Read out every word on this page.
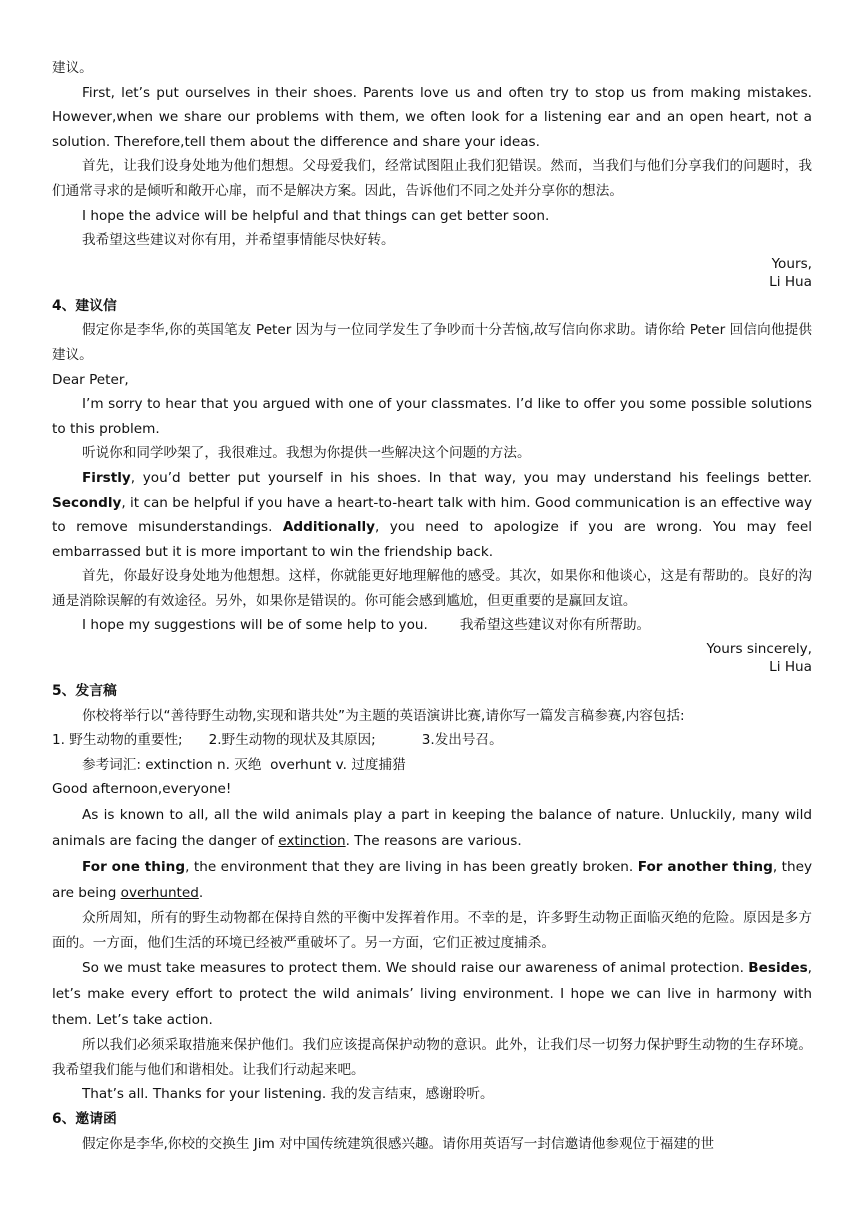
建议。

First, let’s put ourselves in their shoes. Parents love us and often try to stop us from making mistakes. However,when we share our problems with them, we often look for a listening ear and an open heart, not a solution. Therefore,tell them about the difference and share your ideas.

首先，让我们设身处地为他们想想。父母爱我们，经常试图阻止我们犯错误。然而，当我们与他们分享我们的问题时，我们通常寻求的是倾听和敞开心扉，而不是解决方案。因此，告诉他们不同之处并分享你的想法。

I hope the advice will be helpful and that things can get better soon.

我希望这些建议对你有用，并希望事情能尽快好转。

Yours,

Li Hua

4、建议信

假定你是李华,你的英国笔友 Peter 因为与一位同学发生了争吵而十分苦恼,故写信向你求助。请你给 Peter 回信向他提供建议。

Dear Peter,

I’m sorry to hear that you argued with one of your classmates. I’d like to offer you some possible solutions to this problem.

听说你和同学吵架了，我很难过。我想为你提供一些解决这个问题的方法。

Firstly, you’d better put yourself in his shoes. In that way, you may understand his feelings better. Secondly, it can be helpful if you have a heart-to-heart talk with him. Good communication is an effective way to remove misunderstandings. Additionally, you need to apologize if you are wrong. You may feel embarrassed but it is more important to win the friendship back.

首先，你最好设身处地为他想想。这样，你就能更好地理解他的感受。其次，如果你和他谈心，这是有帮助的。良好的沟通是消除误解的有效途径。另外，如果你是错误的。你可能会感到尴尬，但更重要的是赢回友谊。

I hope my suggestions will be of some help to you. 我希望这些建议对你有所帮助。

Yours sincerely,

Li Hua

5、发言稿

你校将举行以“善待野生动物,实现和谐共处”为主题的英语演讲比赛,请你写一篇发言稿参赛,内容包括:

1. 野生动物的重要性; 2.野生动物的现状及其原因;	3.发出号召。

参考词汇: extinction n. 灭绝 overhunt v. 过度捕猎

Good afternoon,everyone!

As is known to all, all the wild animals play a part in keeping the balance of nature. Unluckily, many wild animals are facing the danger of extinction. The reasons are various.

For one thing, the environment that they are living in has been greatly broken. For another thing, they are being overhunted.

众所周知，所有的野生动物都在保持自然的平衡中发挥着作用。不幸的是，许多野生动物正面临灭绝的危险。原因是多方面的。一方面，他们生活的环境已经被严重破坏了。另一方面，它们正被过度捕杀。

So we must take measures to protect them. We should raise our awareness of animal protection. Besides, let’s make every effort to protect the wild animals’ living environment. I hope we can live in harmony with them. Let’s take action.

所以我们必须采取措施来保护他们。我们应该提高保护动物的意识。此外，让我们尽一切努力保护野生动物的生存环境。我希望我们能与他们和谐相处。让我们行动起来吧。

That’s all. Thanks for your listening. 我的发言结束，感谢聆听。

6、邀请函

假定你是李华,你校的交换生 Jim 对中国传统建筑很感兴趣。请你用英语写一封信邀请他参观位于福建的世
